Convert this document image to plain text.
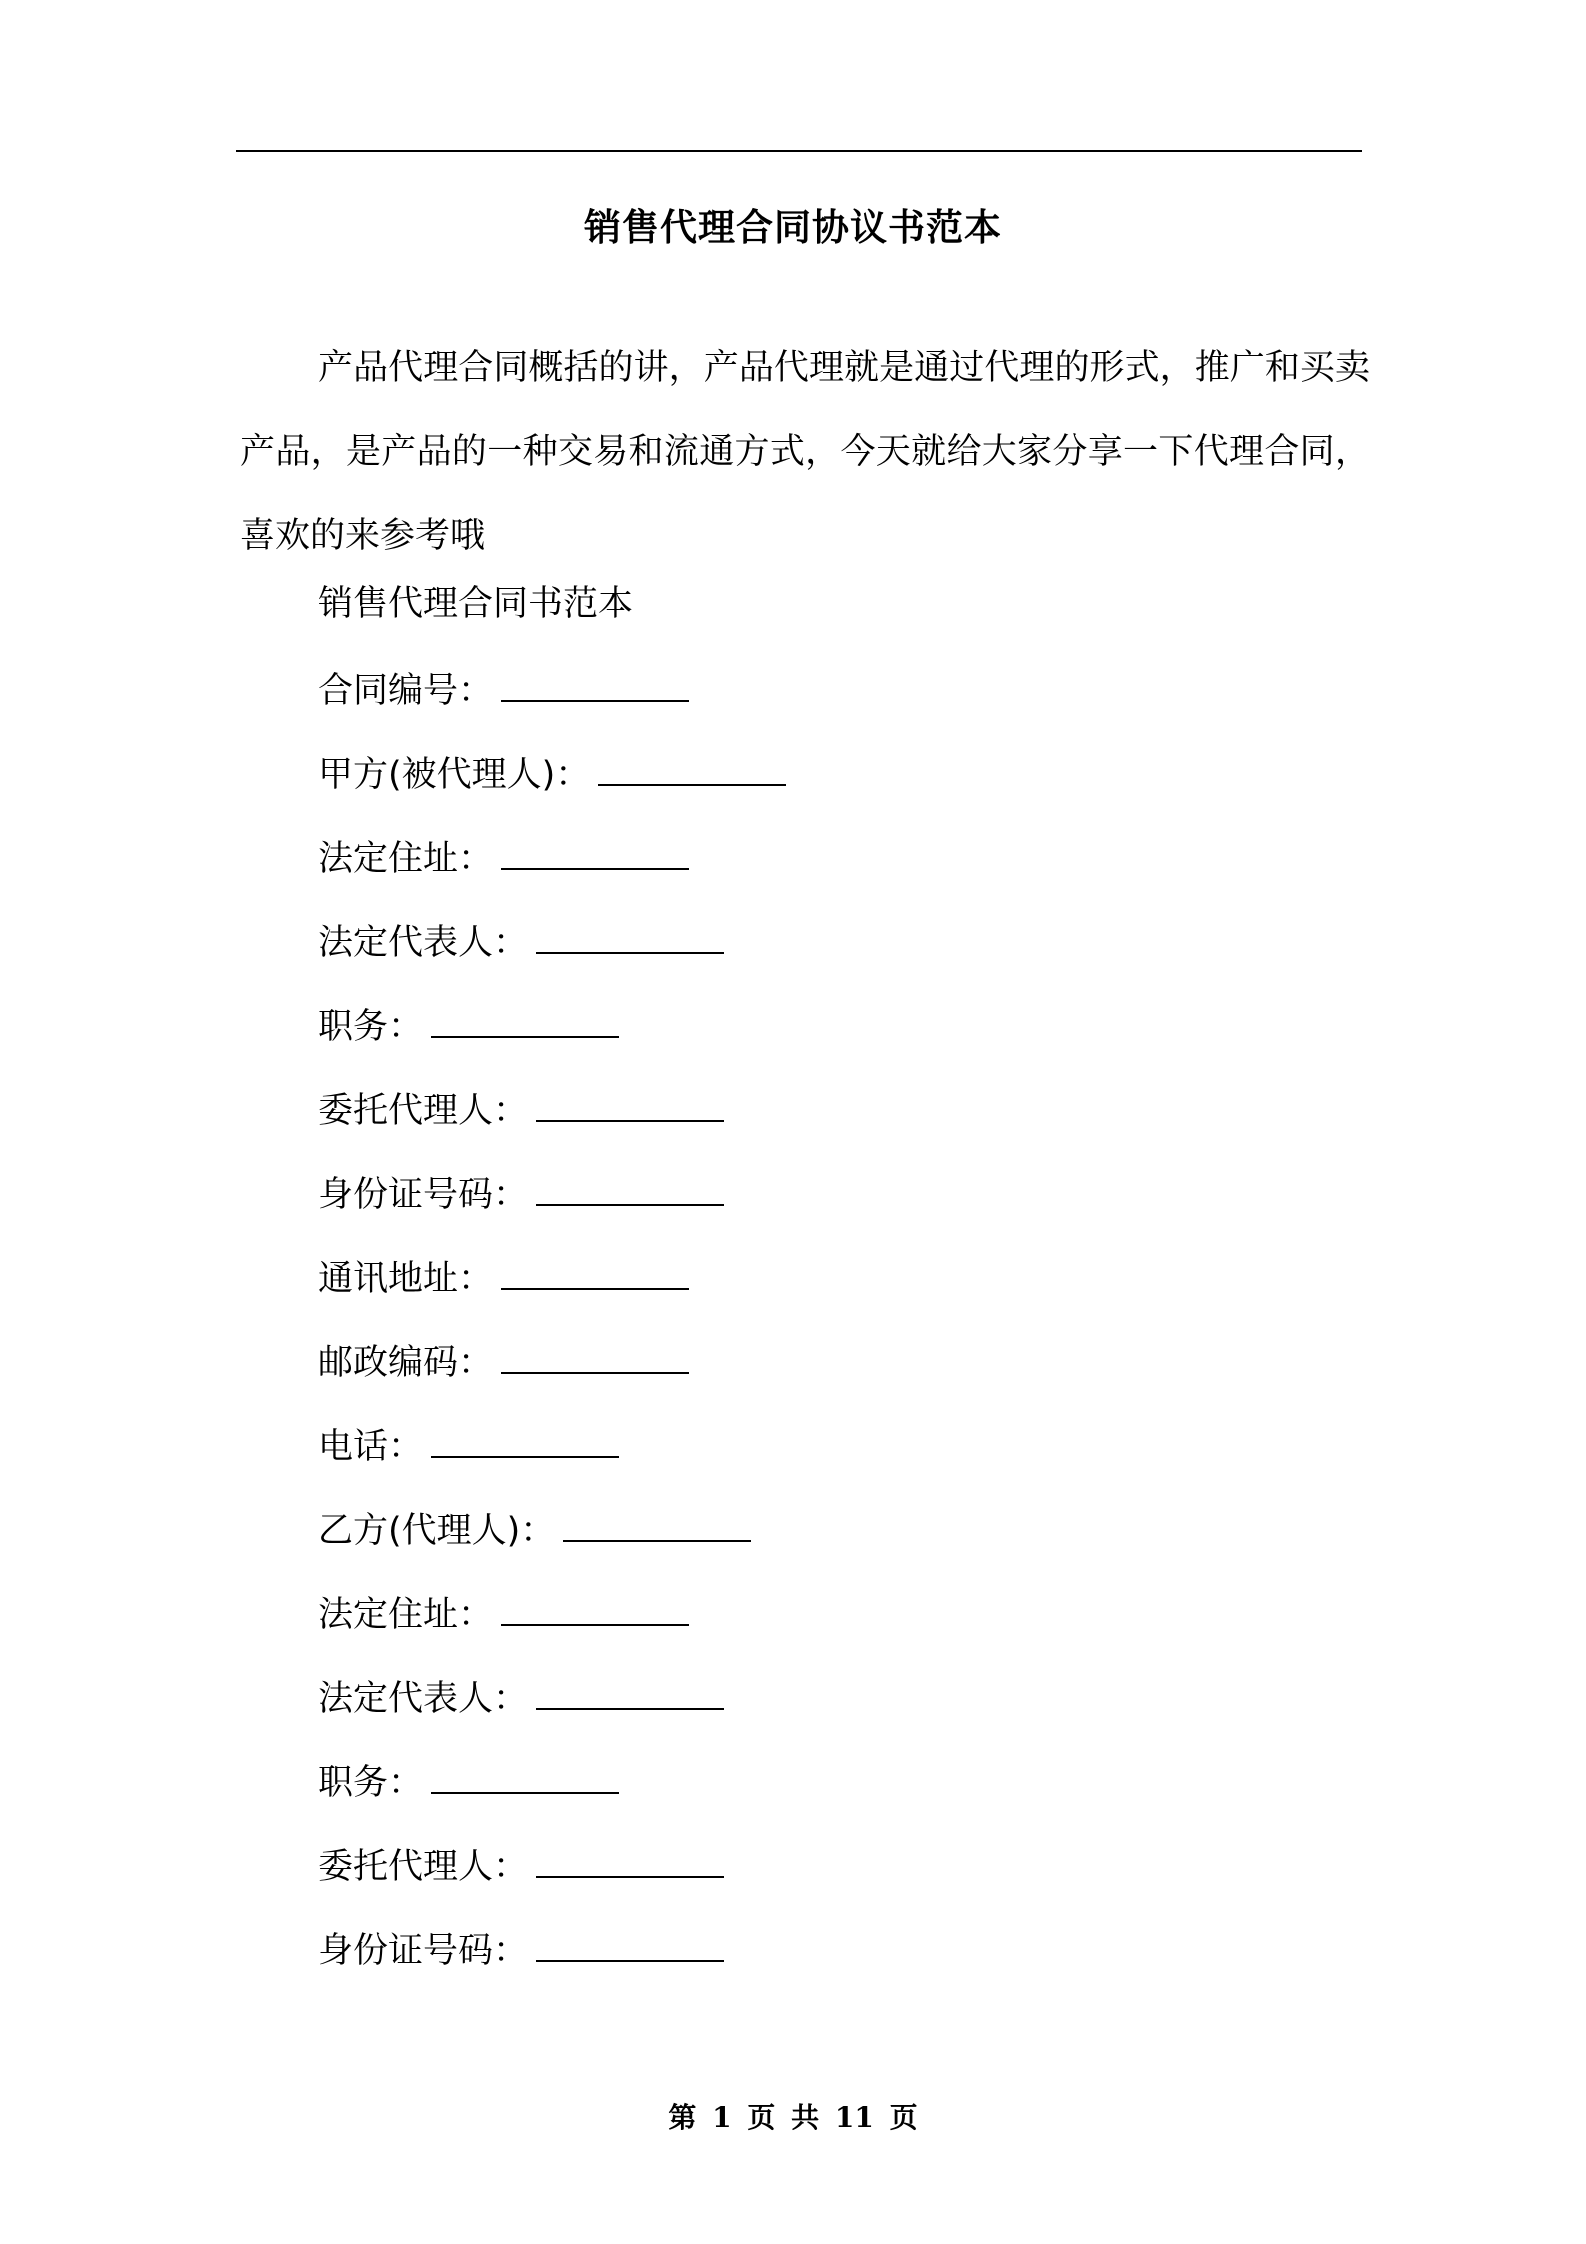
销售代理合同协议书范本

产品代理合同概括的讲，产品代理就是通过代理的形式，推广和买卖产品，是产品的一种交易和流通方式，今天就给大家分享一下代理合同，喜欢的来参考哦

销售代理合同书范本

合同编号：
甲方(被代理人)：
法定住址：
法定代表人：
职务：
委托代理人：
身份证号码：
通讯地址：
邮政编码：
电话：
乙方(代理人)：
法定住址：
法定代表人：
职务：
委托代理人：
身份证号码：
第 1 页 共 11 页
